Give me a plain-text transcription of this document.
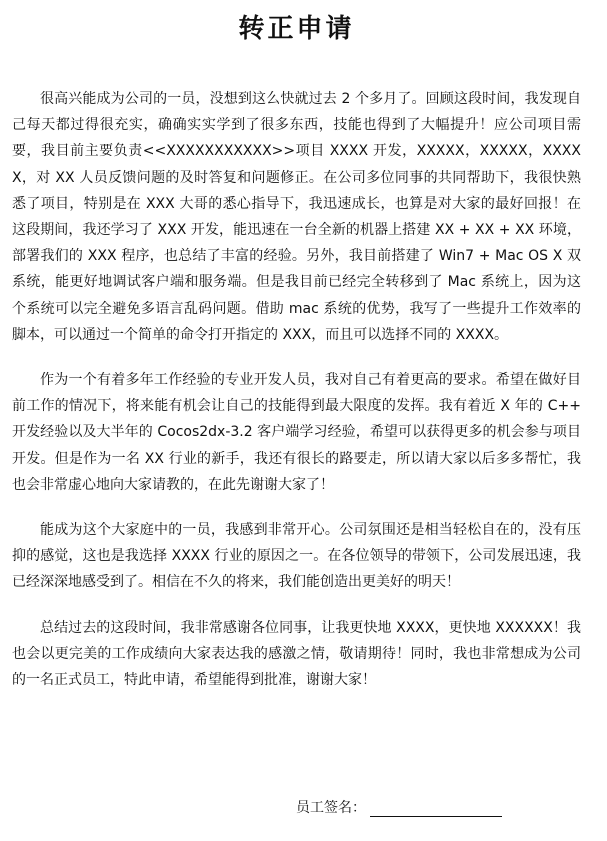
转正申请

很高兴能成为公司的一员，没想到这么快就过去 2 个多月了。回顾这段时间，我发现自己每天都过得很充实，确确实实学到了很多东西，技能也得到了大幅提升！应公司项目需要，我目前主要负责<<XXXXXXXXXXX>>项目 XXXX 开发，XXXXX，XXXXX，XXXXX，对 XX 人员反馈问题的及时答复和问题修正。在公司多位同事的共同帮助下，我很快熟悉了项目，特别是在 XXX 大哥的悉心指导下，我迅速成长，也算是对大家的最好回报！在这段期间，我还学习了 XXX 开发，能迅速在一台全新的机器上搭建 XX + XX + XX 环境，部署我们的 XXX 程序，也总结了丰富的经验。另外，我目前搭建了 Win7 + Mac OS X 双系统，能更好地调试客户端和服务端。但是我目前已经完全转移到了 Mac 系统上，因为这个系统可以完全避免多语言乱码问题。借助 mac 系统的优势，我写了一些提升工作效率的脚本，可以通过一个简单的命令打开指定的 XXX，而且可以选择不同的 XXXX。

作为一个有着多年工作经验的专业开发人员，我对自己有着更高的要求。希望在做好目前工作的情况下，将来能有机会让自己的技能得到最大限度的发挥。我有着近 X 年的 C++ 开发经验以及大半年的 Cocos2dx-3.2 客户端学习经验，希望可以获得更多的机会参与项目开发。但是作为一名 XX 行业的新手，我还有很长的路要走，所以请大家以后多多帮忙，我也会非常虚心地向大家请教的，在此先谢谢大家了！

能成为这个大家庭中的一员，我感到非常开心。公司氛围还是相当轻松自在的，没有压抑的感觉，这也是我选择 XXXX 行业的原因之一。在各位领导的带领下，公司发展迅速，我已经深深地感受到了。相信在不久的将来，我们能创造出更美好的明天！

总结过去的这段时间，我非常感谢各位同事，让我更快地 XXXX，更快地 XXXXXX！我也会以更完美的工作成绩向大家表达我的感激之情，敬请期待！同时，我也非常想成为公司的一名正式员工，特此申请，希望能得到批准，谢谢大家！

员工签名：
